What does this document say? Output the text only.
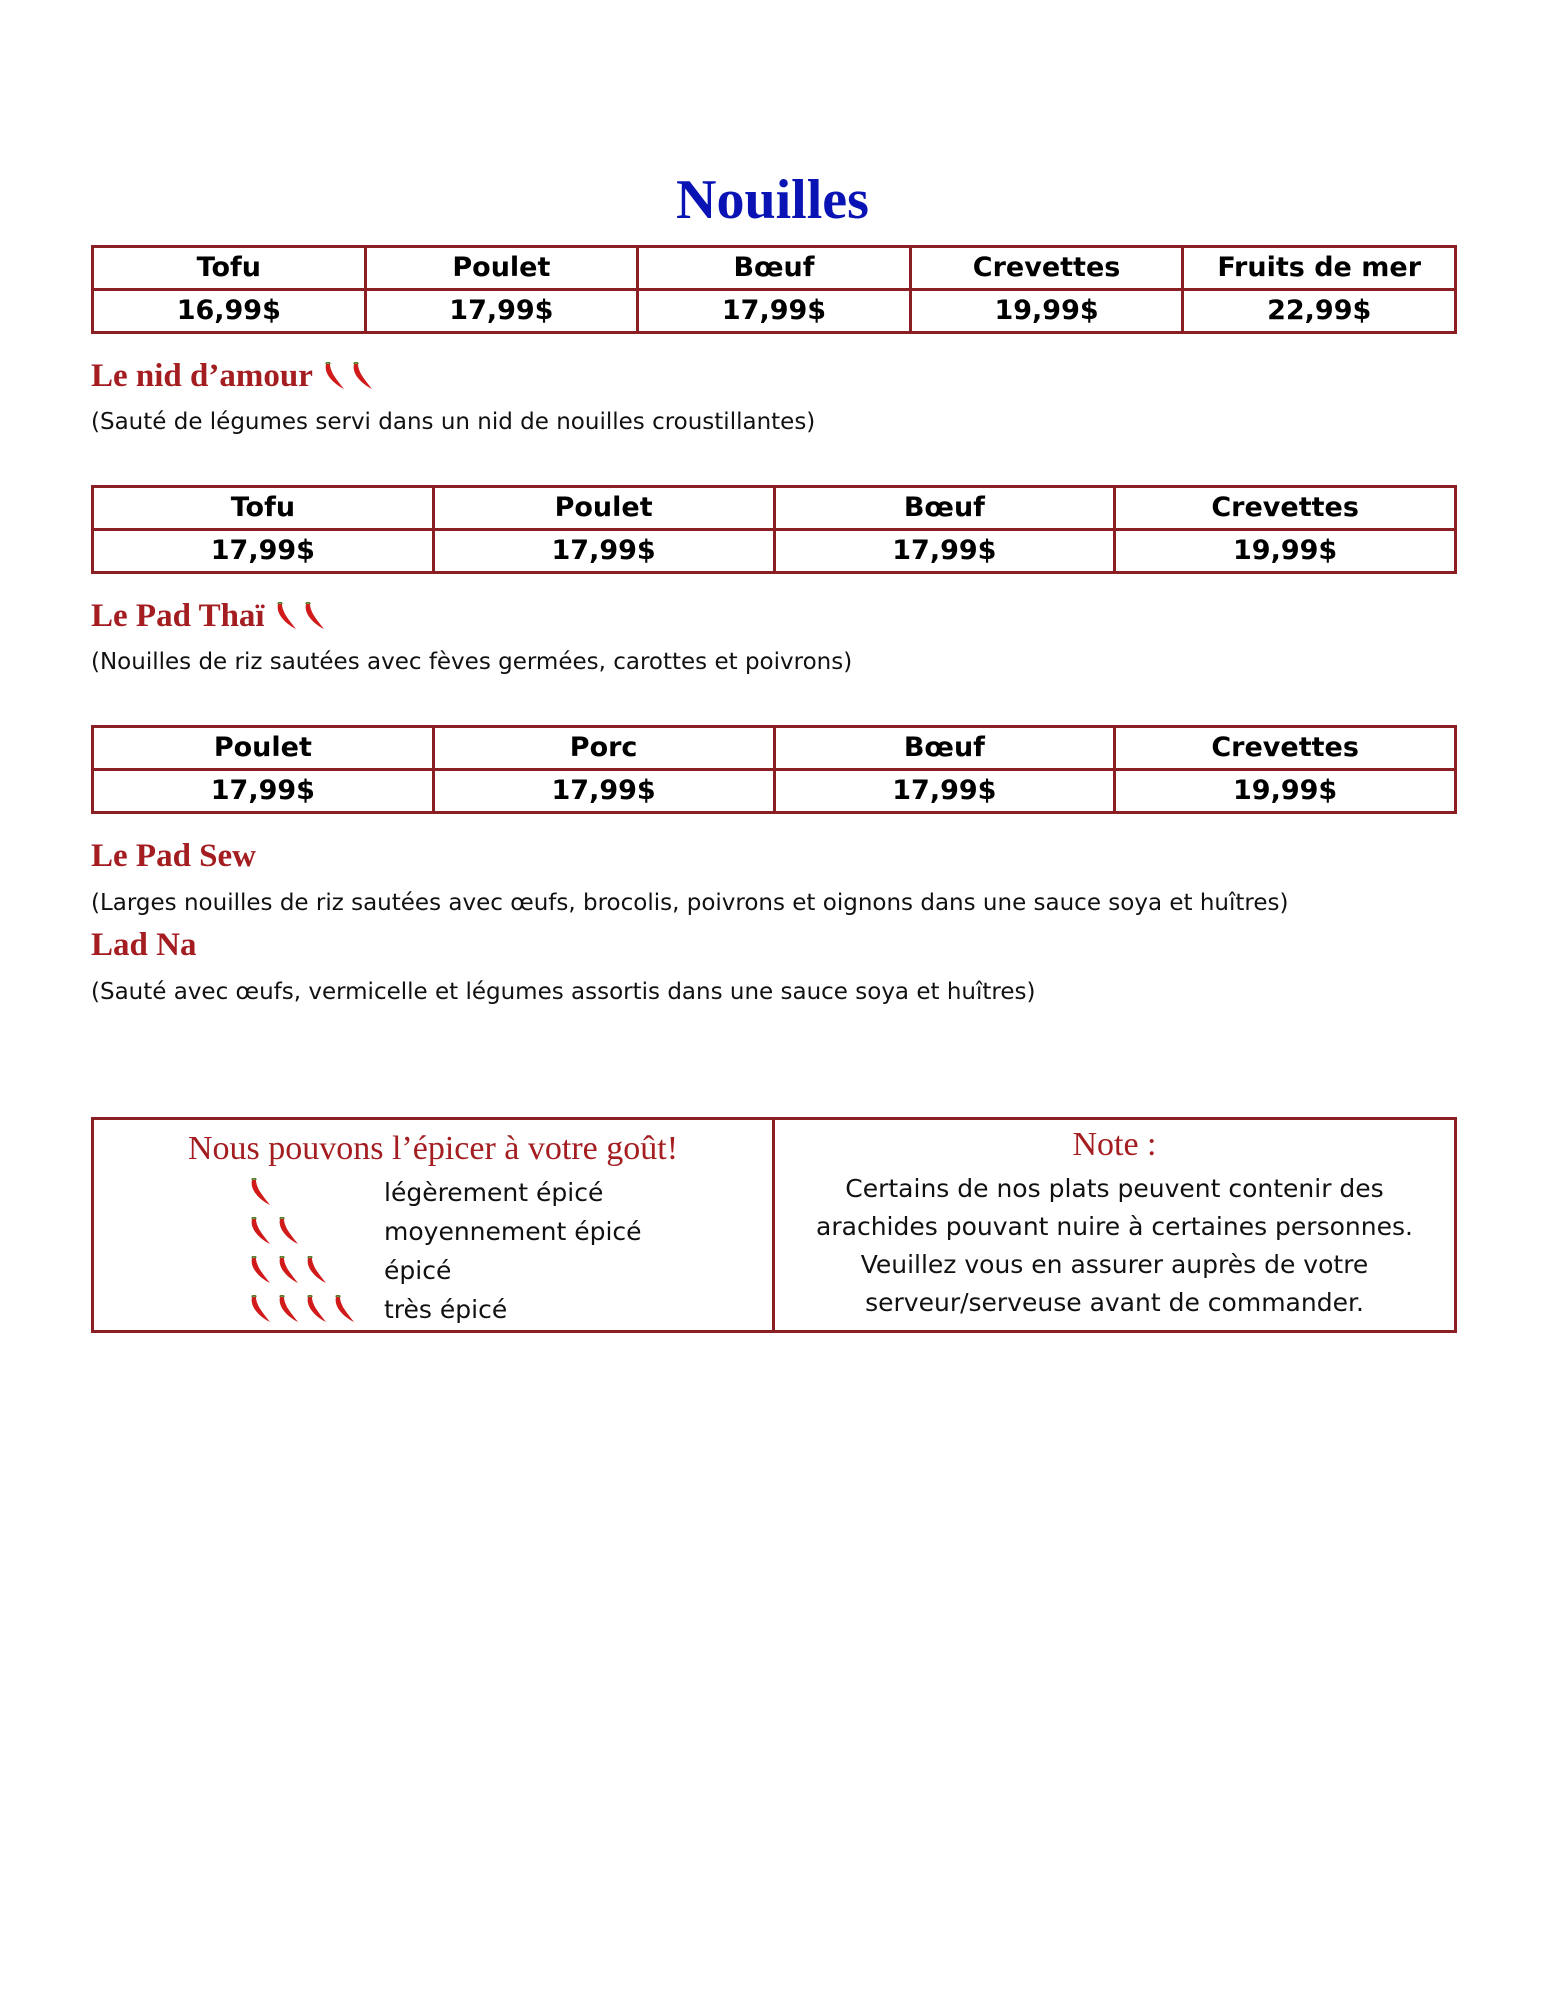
Nouilles
Tofu	Poulet	Bœuf	Crevettes	Fruits de mer
16,99$	17,99$	17,99$	19,99$	22,99$
Le nid d’amour
(Sauté de légumes servi dans un nid de nouilles croustillantes)
Tofu	Poulet	Bœuf	Crevettes
17,99$	17,99$	17,99$	19,99$
Le Pad Thaï
(Nouilles de riz sautées avec fèves germées, carottes et poivrons)
Poulet	Porc	Bœuf	Crevettes
17,99$	17,99$	17,99$	19,99$
Le Pad Sew
(Larges nouilles de riz sautées avec œufs, brocolis, poivrons et oignons dans une sauce soya et huîtres)
Lad Na
(Sauté avec œufs, vermicelle et légumes assortis dans une sauce soya et huîtres)
Nous pouvons l’épicer à votre goût!
légèrement épicé
moyennement épicé
épicé
très épicé
Note :
Certains de nos plats peuvent contenir des
arachides pouvant nuire à certaines personnes.
Veuillez vous en assurer auprès de votre
serveur/serveuse avant de commander.
